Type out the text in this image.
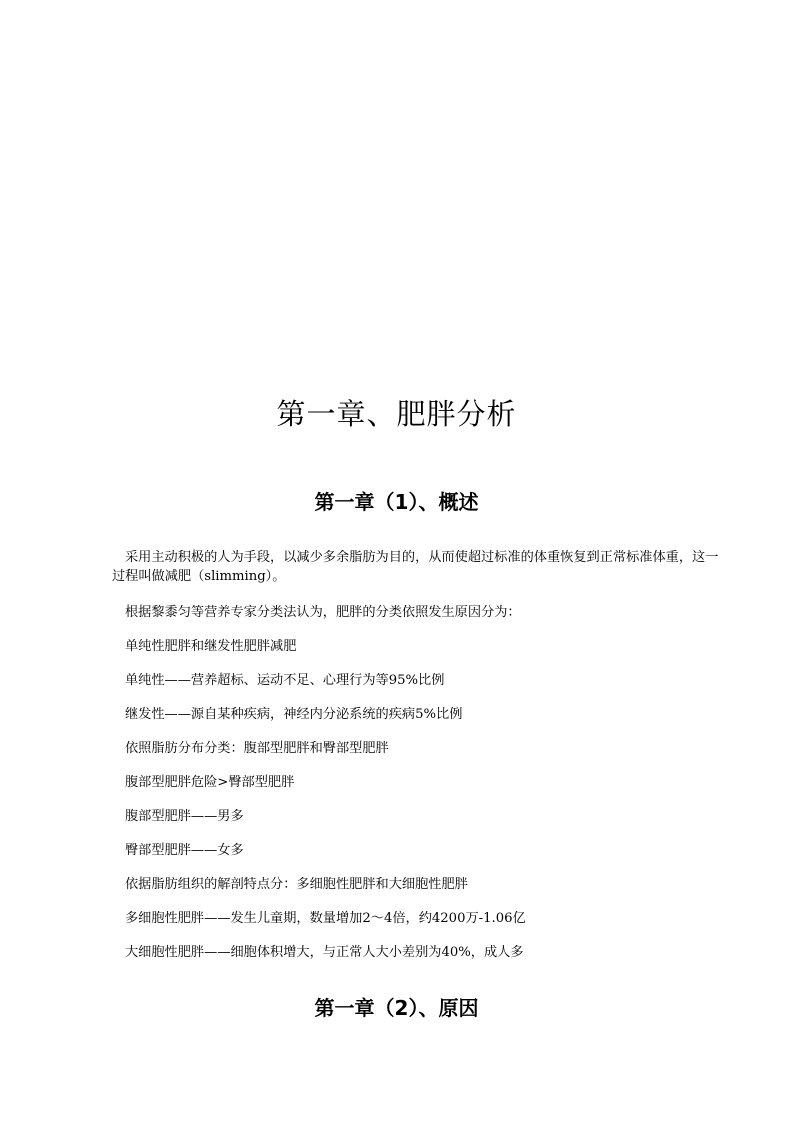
第一章、肥胖分析
第一章（1）、概述

采用主动积极的人为手段，以减少多余脂肪为目的，从而使超过标准的体重恢复到正常标准体重，这一过程叫做减肥（slimming）。

根据黎黍匀等营养专家分类法认为，肥胖的分类依照发生原因分为：

单纯性肥胖和继发性肥胖减肥

单纯性——营养超标、运动不足、心理行为等95%比例

继发性——源自某种疾病，神经内分泌系统的疾病5%比例

依照脂肪分布分类：腹部型肥胖和臀部型肥胖

腹部型肥胖危险>臀部型肥胖

腹部型肥胖——男多

臀部型肥胖——女多

依据脂肪组织的解剖特点分：多细胞性肥胖和大细胞性肥胖

多细胞性肥胖——发生儿童期，数量增加2～4倍，约4200万-1.06亿

大细胞性肥胖——细胞体积增大，与正常人大小差别为40%，成人多

第一章（2）、原因
